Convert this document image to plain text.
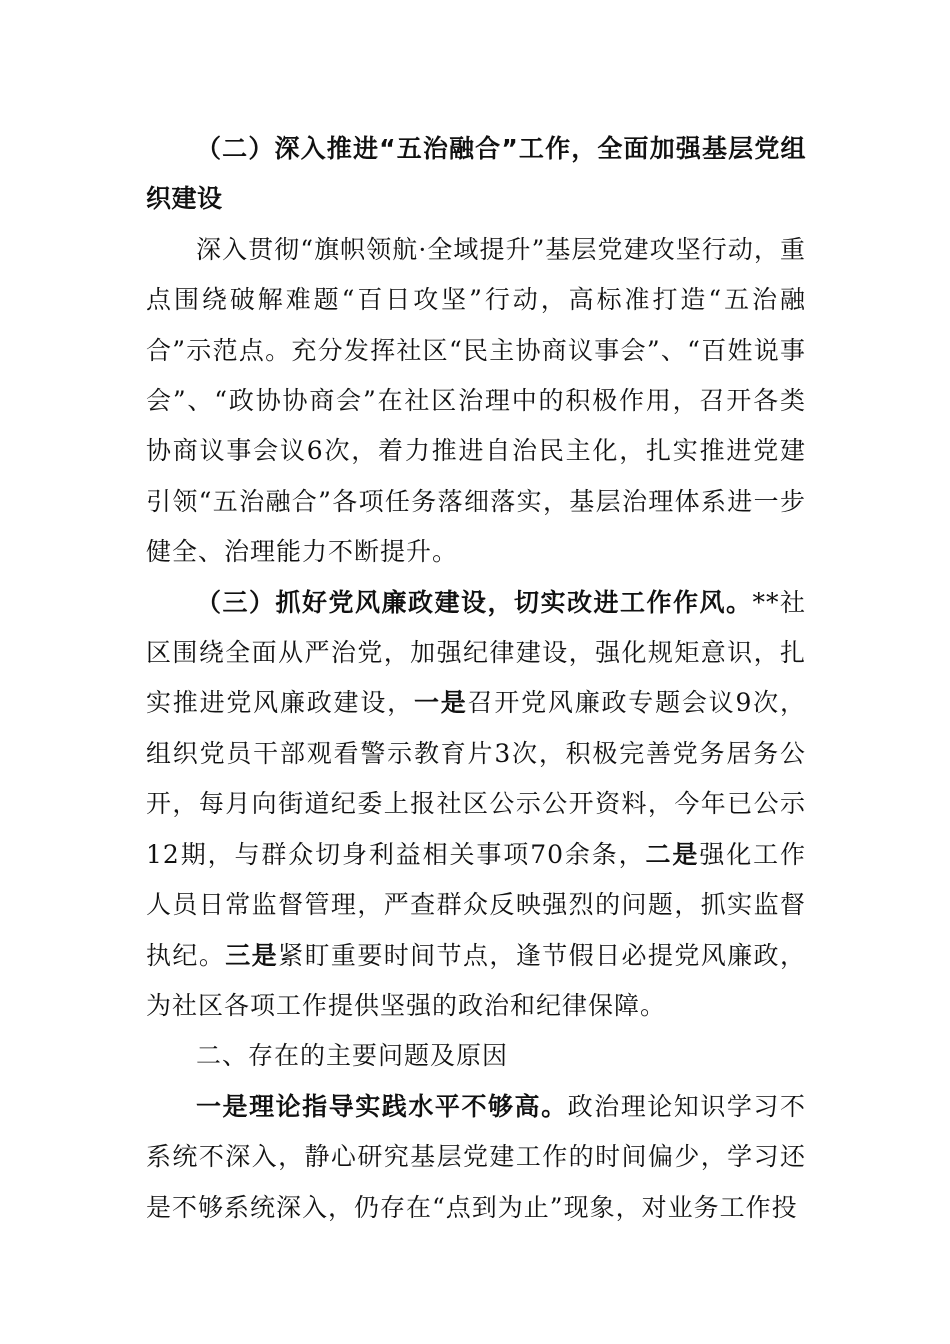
（二）深入推进“五治融合”工作，全面加强基层党组织建设

深入贯彻“旗帜领航·全域提升”基层党建攻坚行动，重点围绕破解难题“百日攻坚”行动，高标准打造“五治融合”示范点。充分发挥社区“民主协商议事会”、“百姓说事会”、“政协协商会”在社区治理中的积极作用，召开各类协商议事会议6次，着力推进自治民主化，扎实推进党建引领“五治融合”各项任务落细落实，基层治理体系进一步健全、治理能力不断提升。

（三）抓好党风廉政建设，切实改进工作作风。**社区围绕全面从严治党，加强纪律建设，强化规矩意识，扎实推进党风廉政建设，一是召开党风廉政专题会议9次，组织党员干部观看警示教育片3次，积极完善党务居务公开，每月向街道纪委上报社区公示公开资料，今年已公示12期，与群众切身利益相关事项70余条，二是强化工作人员日常监督管理，严查群众反映强烈的问题，抓实监督执纪。三是紧盯重要时间节点，逢节假日必提党风廉政，为社区各项工作提供坚强的政治和纪律保障。

二、存在的主要问题及原因

一是理论指导实践水平不够高。政治理论知识学习不系统不深入，静心研究基层党建工作的时间偏少，学习还是不够系统深入，仍存在“点到为止”现象，对业务工作投
